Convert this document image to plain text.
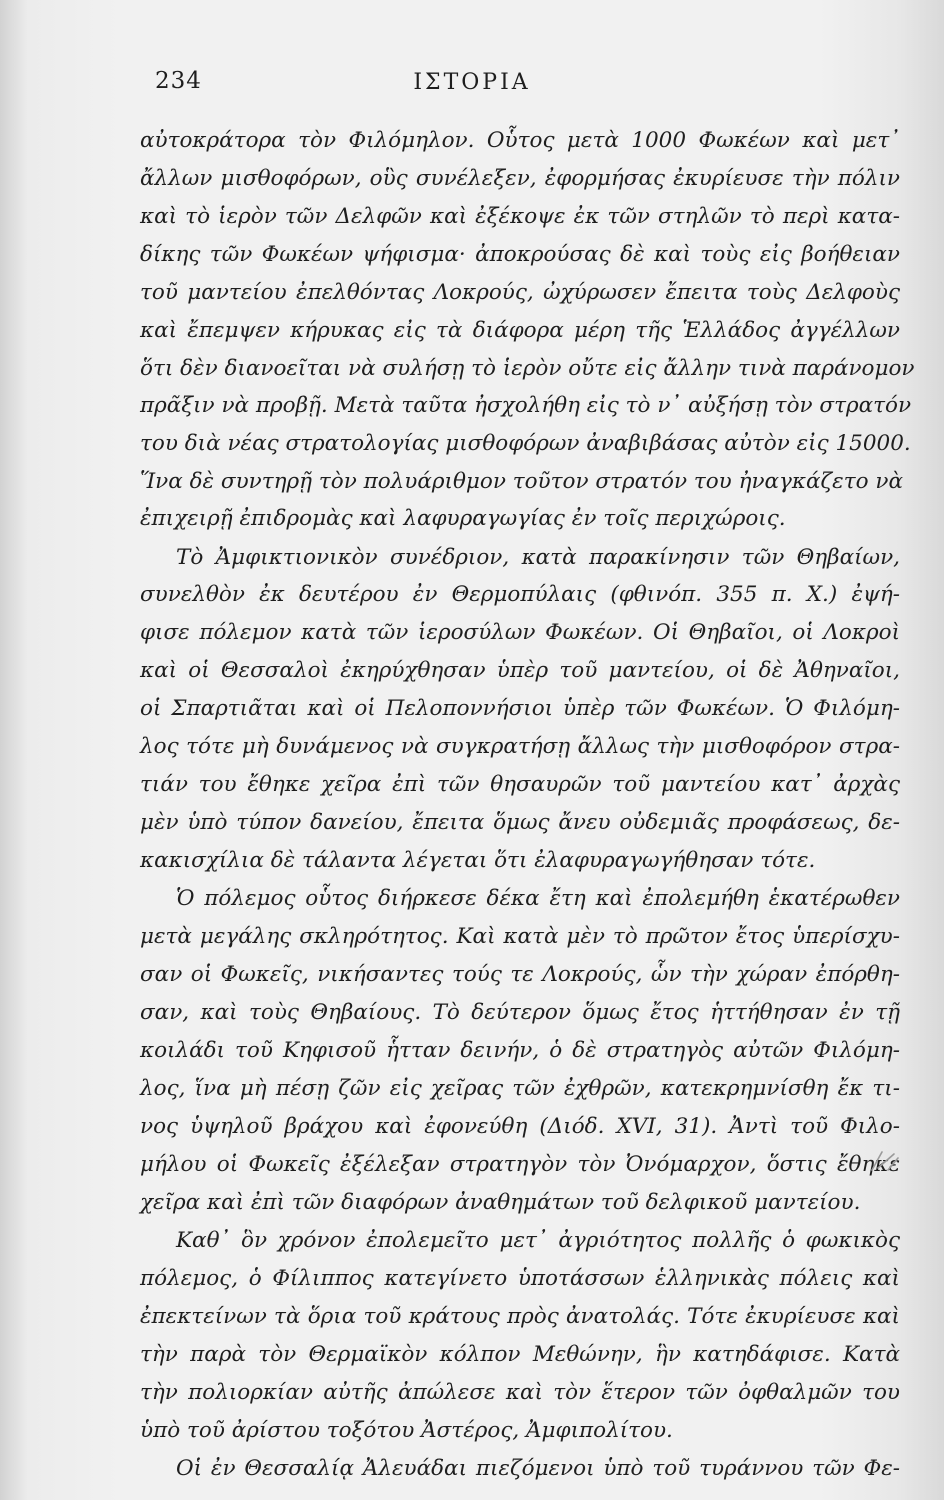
234	ΙΣΤΟΡΙΑ
αὐτοκράτορα τὸν Φιλόμηλον. Οὗτος μετὰ 1000 Φωκέων καὶ μετ᾿
ἄλλων μισθοφόρων, οὓς συνέλεξεν, ἐφορμήσας ἐκυρίευσε τὴν πόλιν
καὶ τὸ ἱερὸν τῶν Δελφῶν καὶ ἐξέκοψε ἐκ τῶν στηλῶν τὸ περὶ κατα-
δίκης τῶν Φωκέων ψήφισμα· ἀποκρούσας δὲ καὶ τοὺς εἰς βοήθειαν
τοῦ μαντείου ἐπελθόντας Λοκρούς, ὠχύρωσεν ἔπειτα τοὺς Δελφοὺς
καὶ ἔπεμψεν κήρυκας εἰς τὰ διάφορα μέρη τῆς Ἑλλάδος ἀγγέλλων
ὅτι δὲν διανοεῖται νὰ συλήσῃ τὸ ἱερὸν οὔτε εἰς ἄλλην τινὰ παράνομον
πρᾶξιν νὰ προβῇ. Μετὰ ταῦτα ἠσχολήθη εἰς τὸ ν᾿ αὐξήσῃ τὸν στρατόν
του διὰ νέας στρατολογίας μισθοφόρων ἀναβιβάσας αὐτὸν εἰς 15000.
Ἵνα δὲ συντηρῇ τὸν πολυάριθμον τοῦτον στρατόν του ἠναγκάζετο νὰ
ἐπιχειρῇ ἐπιδρομὰς καὶ λαφυραγωγίας ἐν τοῖς περιχώροις.
Τὸ Ἀμφικτιονικὸν συνέδριον, κατὰ παρακίνησιν τῶν Θηβαίων,
συνελθὸν ἐκ δευτέρου ἐν Θερμοπύλαις (φθινόπ. 355 π. Χ.) ἐψή-
φισε πόλεμον κατὰ τῶν ἱεροσύλων Φωκέων. Οἱ Θηβαῖοι, οἱ Λοκροὶ
καὶ οἱ Θεσσαλοὶ ἐκηρύχθησαν ὑπὲρ τοῦ μαντείου, οἱ δὲ Ἀθηναῖοι,
οἱ Σπαρτιᾶται καὶ οἱ Πελοποννήσιοι ὑπὲρ τῶν Φωκέων. Ὁ Φιλόμη-
λος τότε μὴ δυνάμενος νὰ συγκρατήσῃ ἄλλως τὴν μισθοφόρον στρα-
τιάν του ἔθηκε χεῖρα ἐπὶ τῶν θησαυρῶν τοῦ μαντείου κατ᾿ ἀρχὰς
μὲν ὑπὸ τύπον δανείου, ἔπειτα ὅμως ἄνευ οὐδεμιᾶς προφάσεως, δε-
κακισχίλια δὲ τάλαντα λέγεται ὅτι ἐλαφυραγωγήθησαν τότε.
Ὁ πόλεμος οὗτος διήρκεσε δέκα ἔτη καὶ ἐπολεμήθη ἑκατέρωθεν
μετὰ μεγάλης σκληρότητος. Καὶ κατὰ μὲν τὸ πρῶτον ἔτος ὑπερίσχυ-
σαν οἱ Φωκεῖς, νικήσαντες τούς τε Λοκρούς, ὧν τὴν χώραν ἐπόρθη-
σαν, καὶ τοὺς Θηβαίους. Τὸ δεύτερον ὅμως ἔτος ἡττήθησαν ἐν τῇ
κοιλάδι τοῦ Κηφισοῦ ἧτταν δεινήν, ὁ δὲ στρατηγὸς αὐτῶν Φιλόμη-
λος, ἵνα μὴ πέσῃ ζῶν εἰς χεῖρας τῶν ἐχθρῶν, κατεκρημνίσθη ἔκ τι-
νος ὑψηλοῦ βράχου καὶ ἐφονεύθη (Διόδ. XVI, 31). Ἀντὶ τοῦ Φιλο-
μήλου οἱ Φωκεῖς ἐξέλεξαν στρατηγὸν τὸν Ὀνόμαρχον, ὅστις ἔθηκε
χεῖρα καὶ ἐπὶ τῶν διαφόρων ἀναθημάτων τοῦ δελφικοῦ μαντείου.
Καθ᾿ ὃν χρόνον ἐπολεμεῖτο μετ᾿ ἀγριότητος πολλῆς ὁ φωκικὸς
πόλεμος, ὁ Φίλιππος κατεγίνετο ὑποτάσσων ἑλληνικὰς πόλεις καὶ
ἐπεκτείνων τὰ ὅρια τοῦ κράτους πρὸς ἀνατολάς. Τότε ἐκυρίευσε καὶ
τὴν παρὰ τὸν Θερμαϊκὸν κόλπον Μεθώνην, ἣν κατηδάφισε. Κατὰ
τὴν πολιορκίαν αὐτῆς ἀπώλεσε καὶ τὸν ἕτερον τῶν ὀφθαλμῶν του
ὑπὸ τοῦ ἀρίστου τοξότου Ἀστέρος, Ἀμφιπολίτου.
Οἱ ἐν Θεσσαλίᾳ Ἀλευάδαι πιεζόμενοι ὑπὸ τοῦ τυράννου τῶν Φε-
